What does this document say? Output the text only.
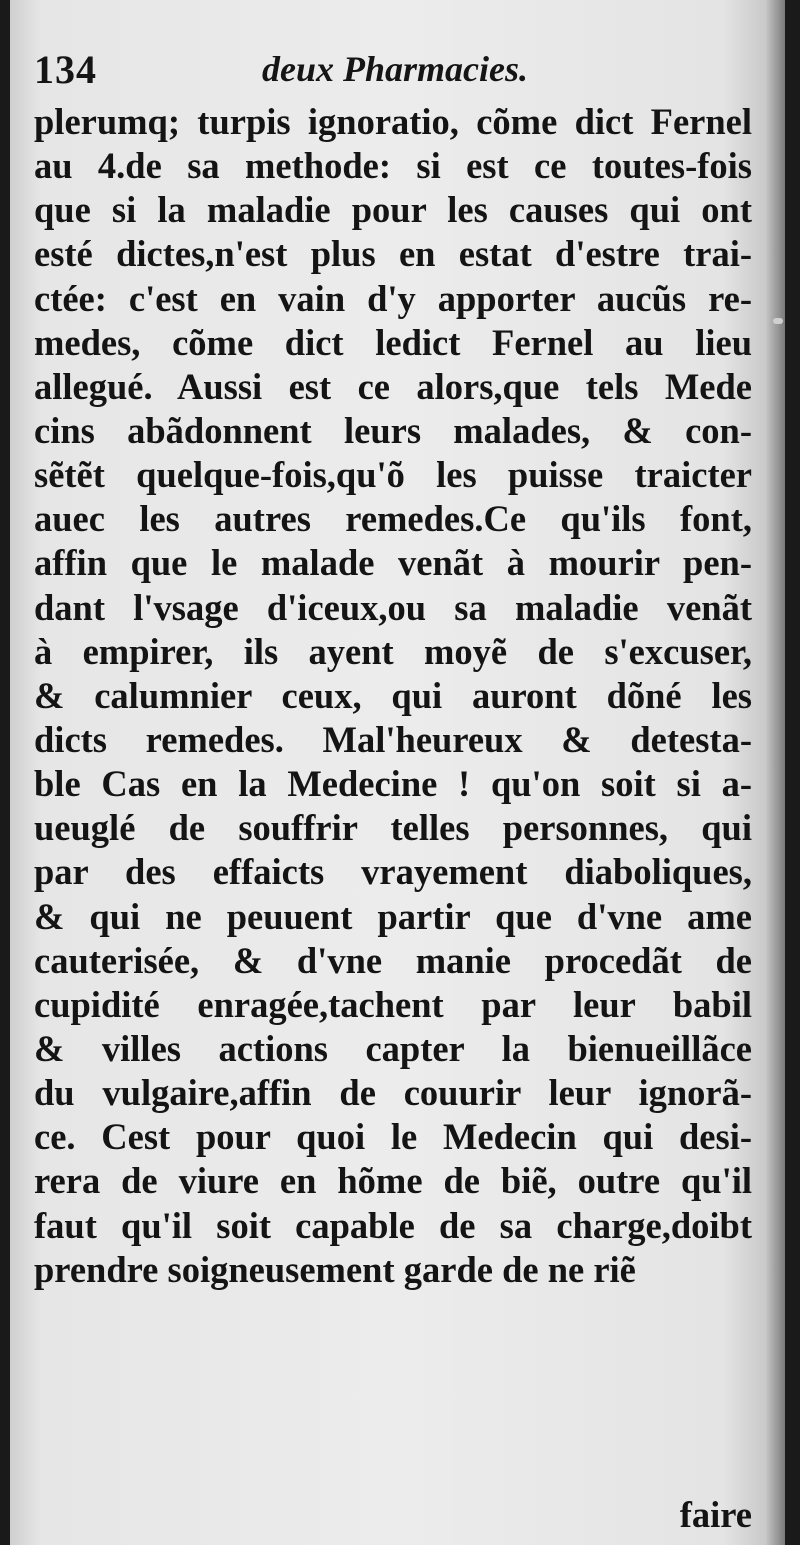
134	deux Pharmacies.
plerumq; turpis ignoratio, cõme dict Fernel
au 4.de sa methode: si est ce toutes-fois
que si la maladie pour les causes qui ont
esté dictes,n'est plus en estat d'estre trai-
ctée: c'est en vain d'y apporter aucũs re-
medes, cõme dict ledict Fernel au lieu
allegué. Aussi est ce alors,que tels Mede
cins abãdonnent leurs malades, & con-
sẽtẽt quelque-fois,qu'õ les puisse traicter
auec les autres remedes.Ce qu'ils font,
affin que le malade venãt à mourir pen-
dant l'vsage d'iceux,ou sa maladie venãt
à empirer, ils ayent moyẽ de s'excuser,
& calumnier ceux, qui auront dõné les
dicts remedes. Mal'heureux & detesta-
ble Cas en la Medecine ! qu'on soit si a-
ueuglé de souffrir telles personnes, qui
par des effaicts vrayement diaboliques,
& qui ne peuuent partir que d'vne ame
cauterisée, & d'vne manie procedãt de
cupidité enragée,tachent par leur babil
& villes actions capter la bienueillãce
du vulgaire,affin de couurir leur ignorã-
ce. Cest pour quoi le Medecin qui desi-
rera de viure en hõme de biẽ, outre qu'il
faut qu'il soit capable de sa charge,doibt
prendre soigneusement garde de ne riẽ
faire
